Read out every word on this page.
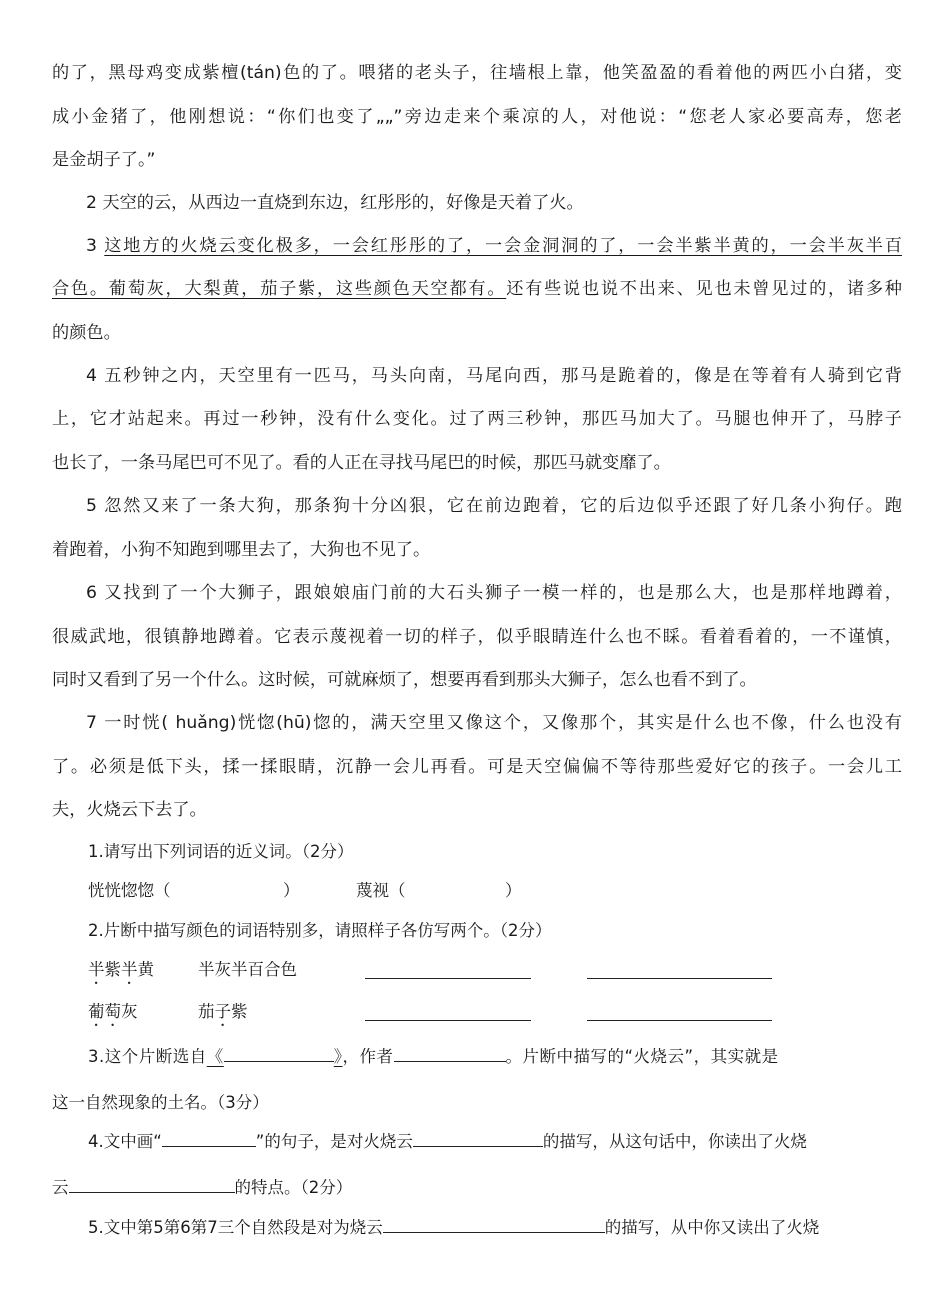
的了，黑母鸡变成紫檀(tán)色的了。喂猪的老头子，往墙根上靠，他笑盈盈的看着他的两匹小白猪，变
成小金猪了，他刚想说：“你们也变了„„”旁边走来个乘凉的人，对他说：“您老人家必要高寿，您老
是金胡子了。”
2 天空的云，从西边一直烧到东边，红彤彤的，好像是天着了火。
3 这地方的火烧云变化极多，一会红彤彤的了，一会金洞洞的了，一会半紫半黄的，一会半灰半百
合色。葡萄灰，大梨黄，茄子紫，这些颜色天空都有。还有些说也说不出来、见也未曾见过的，诸多种
的颜色。
4 五秒钟之内，天空里有一匹马，马头向南，马尾向西，那马是跪着的，像是在等着有人骑到它背
上，它才站起来。再过一秒钟，没有什么变化。过了两三秒钟，那匹马加大了。马腿也伸开了，马脖子
也长了，一条马尾巴可不见了。看的人正在寻找马尾巴的时候，那匹马就变靡了。
5 忽然又来了一条大狗，那条狗十分凶狠，它在前边跑着，它的后边似乎还跟了好几条小狗仔。跑
着跑着，小狗不知跑到哪里去了，大狗也不见了。
6 又找到了一个大狮子，跟娘娘庙门前的大石头狮子一模一样的，也是那么大，也是那样地蹲着，
很威武地，很镇静地蹲着。它表示蔑视着一切的样子，似乎眼睛连什么也不睬。看着看着的，一不谨慎，
同时又看到了另一个什么。这时候，可就麻烦了，想要再看到那头大狮子，怎么也看不到了。
7 一时恍( huǎng)恍惚(hū)惚的，满天空里又像这个，又像那个，其实是什么也不像，什么也没有
了。必须是低下头，揉一揉眼睛，沉静一会儿再看。可是天空偏偏不等待那些爱好它的孩子。一会儿工
夫，火烧云下去了。
1.请写出下列词语的近义词。（2分）
恍恍惚惚（	）	蔑视（	）
2.片断中描写颜色的词语特别多，请照样子各仿写两个。（2分）
半紫半黄	半灰半百合色
葡萄灰	茄子紫
3.这个片断选自《	》，作者	。片断中描写的“火烧云”，其实就是
这一自然现象的土名。（3分）
4.文中画“	”的句子，是对火烧云	的描写，从这句话中，你读出了火烧
云	的特点。（2分）
5.文中第5第6第7三个自然段是对为烧云	的描写，从中你又读出了火烧
